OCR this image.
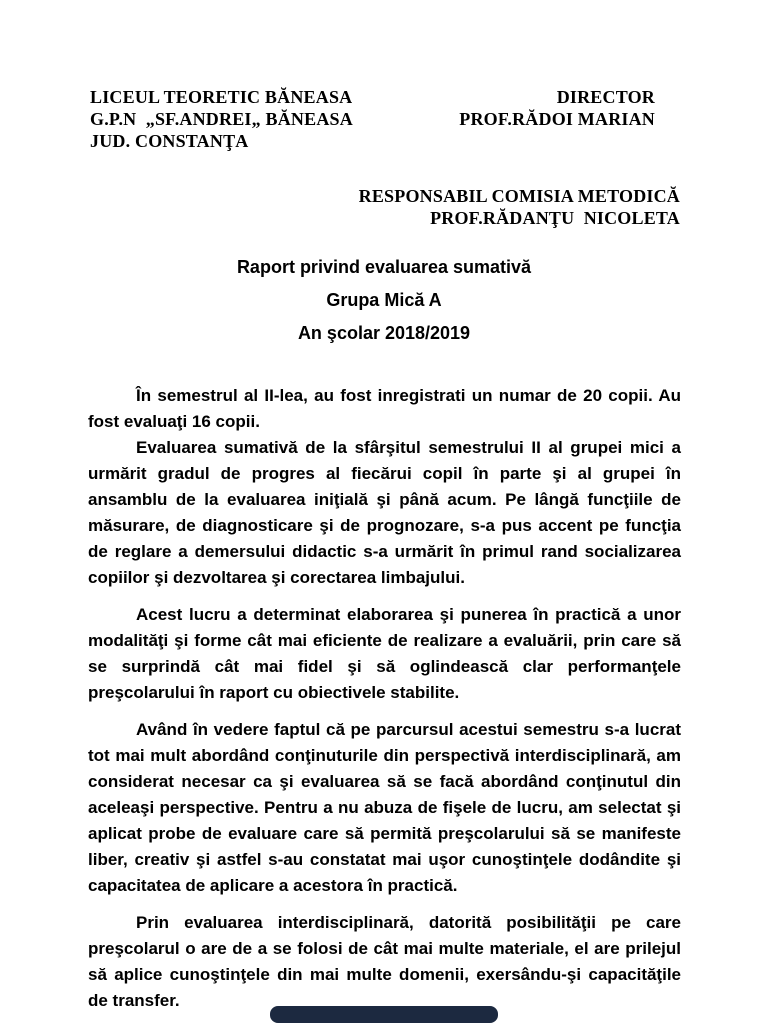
LICEUL TEORETIC BĂNEASA
G.P.N  „SF.ANDREI„ BĂNEASA
JUD. CONSTANŢA
DIRECTOR
PROF.RĂDOI MARIAN
RESPONSABIL COMISIA METODICĂ
PROF.RĂDANŢU  NICOLETA
Raport privind evaluarea sumativă
Grupa Mică A
An şcolar 2018/2019

În semestrul al II-lea, au fost inregistrati un numar de 20 copii. Au fost evaluaţi 16 copii.

Evaluarea sumativă de la sfârşitul semestrului II al grupei mici a urmărit gradul de progres al fiecărui copil în parte şi al grupei în ansamblu de la evaluarea iniţială şi până acum. Pe lângă funcţiile de măsurare, de diagnosticare şi de prognozare, s-a pus accent pe funcţia de reglare a demersului didactic s-a urmărit în primul rand socializarea copiilor şi dezvoltarea şi corectarea limbajului.

Acest lucru a determinat elaborarea şi punerea în practică a unor modalităţi şi forme cât mai eficiente de realizare a evaluării, prin care să se surprindă cât mai fidel şi să oglindească clar performanţele preşcolarului în raport cu obiectivele stabilite.

Având în vedere faptul că pe parcursul acestui semestru s-a lucrat tot mai mult abordând conţinuturile din perspectivă interdisciplinară, am considerat necesar ca şi evaluarea să se facă abordând conţinutul din aceleaşi perspective. Pentru a nu abuza de fişele de lucru, am selectat şi aplicat probe de evaluare care să permită preşcolarului să se manifeste liber, creativ şi astfel s-au constatat mai uşor cunoştinţele dodândite şi capacitatea de aplicare a acestora în practică.

Prin evaluarea interdisciplinară, datorită posibilităţii pe care preşcolarul o are de a se folosi de cât mai multe materiale, el are prilejul să aplice cunoştinţele din mai multe domenii, exersându-şi capacităţile de transfer.
